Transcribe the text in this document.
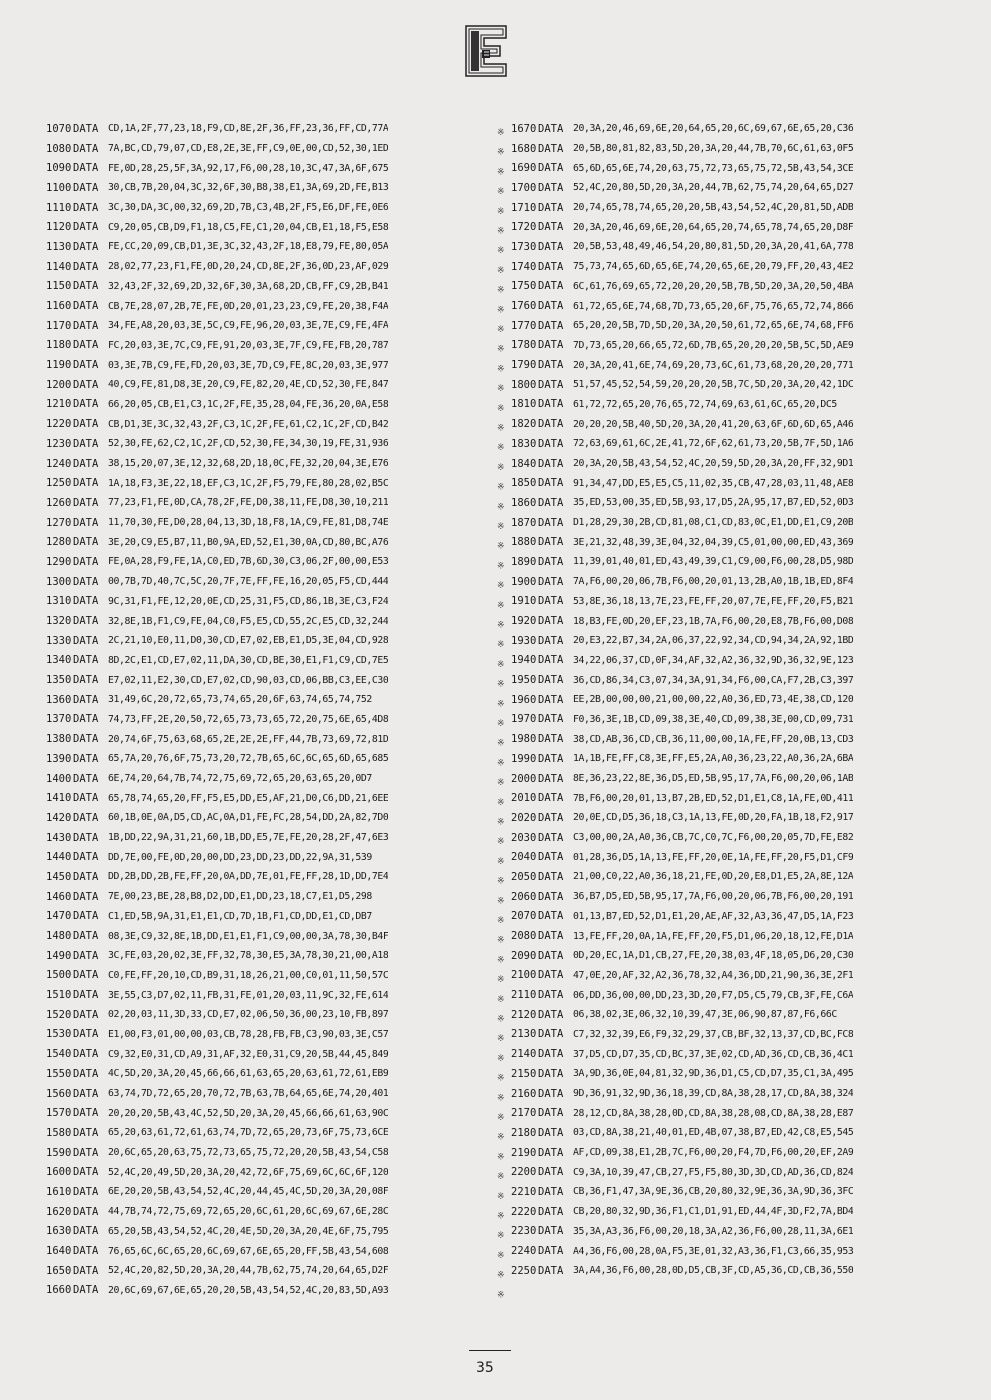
1070 DATA CD,1A,2F,77,23,18,F9,CD,8E,2F,36,FF,23,36,FF,CD,77A
1080 DATA 7A,BC,CD,79,07,CD,E8,2E,3E,FF,C9,0E,00,CD,52,30,1ED
1090 DATA FE,0D,28,25,5F,3A,92,17,F6,00,28,10,3C,47,3A,6F,675
1100 DATA 30,CB,7B,20,04,3C,32,6F,30,B8,38,E1,3A,69,2D,FE,B13
1110 DATA 3C,30,DA,3C,00,32,69,2D,7B,C3,4B,2F,F5,E6,DF,FE,0E6
1120 DATA C9,20,05,CB,D9,F1,18,C5,FE,C1,20,04,CB,E1,18,F5,E58
1130 DATA FE,CC,20,09,CB,D1,3E,3C,32,43,2F,18,E8,79,FE,80,05A
1140 DATA 28,02,77,23,F1,FE,0D,20,24,CD,8E,2F,36,0D,23,AF,029
1150 DATA 32,43,2F,32,69,2D,32,6F,30,3A,68,2D,CB,FF,C9,2B,B41
1160 DATA CB,7E,28,07,2B,7E,FE,0D,20,01,23,23,C9,FE,20,38,F4A
1170 DATA 34,FE,A8,20,03,3E,5C,C9,FE,96,20,03,3E,7E,C9,FE,4FA
1180 DATA FC,20,03,3E,7C,C9,FE,91,20,03,3E,7F,C9,FE,FB,20,787
1190 DATA 03,3E,7B,C9,FE,FD,20,03,3E,7D,C9,FE,8C,20,03,3E,977
1200 DATA 40,C9,FE,81,D8,3E,20,C9,FE,82,20,4E,CD,52,30,FE,847
1210 DATA 66,20,05,CB,E1,C3,1C,2F,FE,35,28,04,FE,36,20,0A,E58
1220 DATA CB,D1,3E,3C,32,43,2F,C3,1C,2F,FE,61,C2,1C,2F,CD,B42
1230 DATA 52,30,FE,62,C2,1C,2F,CD,52,30,FE,34,30,19,FE,31,936
1240 DATA 38,15,20,07,3E,12,32,68,2D,18,0C,FE,32,20,04,3E,E76
1250 DATA 1A,18,F3,3E,22,18,EF,C3,1C,2F,F5,79,FE,80,28,02,B5C
1260 DATA 77,23,F1,FE,0D,CA,78,2F,FE,D0,38,11,FE,D8,30,10,211
1270 DATA 11,70,30,FE,D0,28,04,13,3D,18,F8,1A,C9,FE,81,D8,74E
1280 DATA 3E,20,C9,E5,B7,11,B0,9A,ED,52,E1,30,0A,CD,80,BC,A76
1290 DATA FE,0A,28,F9,FE,1A,C0,ED,7B,6D,30,C3,06,2F,00,00,E53
1300 DATA 00,7B,7D,40,7C,5C,20,7F,7E,FF,FE,16,20,05,F5,CD,444
1310 DATA 9C,31,F1,FE,12,20,0E,CD,25,31,F5,CD,86,1B,3E,C3,F24
1320 DATA 32,8E,1B,F1,C9,FE,04,C0,F5,E5,CD,55,2C,E5,CD,32,244
1330 DATA 2C,21,10,E0,11,D0,30,CD,E7,02,EB,E1,D5,3E,04,CD,928
1340 DATA 8D,2C,E1,CD,E7,02,11,DA,30,CD,BE,30,E1,F1,C9,CD,7E5
1350 DATA E7,02,11,E2,30,CD,E7,02,CD,90,03,CD,06,BB,C3,EE,C30
1360 DATA 31,49,6C,20,72,65,73,74,65,20,6F,63,74,65,74,752
1370 DATA 74,73,FF,2E,20,50,72,65,73,73,65,72,20,75,6E,65,4D8
1380 DATA 20,74,6F,75,63,68,65,2E,2E,2E,FF,44,7B,73,69,72,81D
1390 DATA 65,7A,20,76,6F,75,73,20,72,7B,65,6C,6C,65,6D,65,685
1400 DATA 6E,74,20,64,7B,74,72,75,69,72,65,20,63,65,20,0D7
1410 DATA 65,78,74,65,20,FF,F5,E5,DD,E5,AF,21,D0,C6,DD,21,6EE
1420 DATA 60,1B,0E,0A,D5,CD,AC,0A,D1,FE,FC,28,54,DD,2A,82,7D0
1430 DATA 1B,DD,22,9A,31,21,60,1B,DD,E5,7E,FE,20,28,2F,47,6E3
1440 DATA DD,7E,00,FE,0D,20,00,DD,23,DD,23,DD,22,9A,31,539
1450 DATA DD,2B,DD,2B,FE,FF,20,0A,DD,7E,01,FE,FF,28,1D,DD,7E4
1460 DATA 7E,00,23,BE,28,B8,D2,DD,E1,DD,23,18,C7,E1,D5,298
1470 DATA C1,ED,5B,9A,31,E1,E1,CD,7D,1B,F1,CD,DD,E1,CD,DB7
1480 DATA 08,3E,C9,32,8E,1B,DD,E1,E1,F1,C9,00,00,3A,78,30,B4F
1490 DATA 3C,FE,03,20,02,3E,FF,32,78,30,E5,3A,78,30,21,00,A18
1500 DATA C0,FE,FF,20,10,CD,B9,31,18,26,21,00,C0,01,11,50,57C
1510 DATA 3E,55,C3,D7,02,11,FB,31,FE,01,20,03,11,9C,32,FE,614
1520 DATA 02,20,03,11,3D,33,CD,E7,02,06,50,36,00,23,10,FB,897
1530 DATA E1,00,F3,01,00,00,03,CB,78,28,FB,FB,C3,90,03,3E,C57
1540 DATA C9,32,E0,31,CD,A9,31,AF,32,E0,31,C9,20,5B,44,45,849
1550 DATA 4C,5D,20,3A,20,45,66,66,61,63,65,20,63,61,72,61,EB9
1560 DATA 63,74,7D,72,65,20,70,72,7B,63,7B,64,65,6E,74,20,401
1570 DATA 20,20,20,5B,43,4C,52,5D,20,3A,20,45,66,66,61,63,90C
1580 DATA 65,20,63,61,72,61,63,74,7D,72,65,20,73,6F,75,73,6CE
1590 DATA 20,6C,65,20,63,75,72,73,65,75,72,20,20,5B,43,54,C58
1600 DATA 52,4C,20,49,5D,20,3A,20,42,72,6F,75,69,6C,6C,6F,120
1610 DATA 6E,20,20,5B,43,54,52,4C,20,44,45,4C,5D,20,3A,20,08F
1620 DATA 44,7B,74,72,75,69,72,65,20,6C,61,20,6C,69,67,6E,28C
1630 DATA 65,20,5B,43,54,52,4C,20,4E,5D,20,3A,20,4E,6F,75,795
1640 DATA 76,65,6C,6C,65,20,6C,69,67,6E,65,20,FF,5B,43,54,608
1650 DATA 52,4C,20,82,5D,20,3A,20,44,7B,62,75,74,20,64,65,D2F
1660 DATA 20,6C,69,67,6E,65,20,20,5B,43,54,52,4C,20,83,5D,A93
1670 DATA 20,3A,20,46,69,6E,20,64,65,20,6C,69,67,6E,65,20,C36
1680 DATA 20,5B,80,81,82,83,5D,20,3A,20,44,7B,70,6C,61,63,0F5
1690 DATA 65,6D,65,6E,74,20,63,75,72,73,65,75,72,5B,43,54,3CE
1700 DATA 52,4C,20,80,5D,20,3A,20,44,7B,62,75,74,20,64,65,D27
1710 DATA 20,74,65,78,74,65,20,20,5B,43,54,52,4C,20,81,5D,ADB
1720 DATA 20,3A,20,46,69,6E,20,64,65,20,74,65,78,74,65,20,D8F
1730 DATA 20,5B,53,48,49,46,54,20,80,81,5D,20,3A,20,41,6A,778
1740 DATA 75,73,74,65,6D,65,6E,74,20,65,6E,20,79,FF,20,43,4E2
1750 DATA 6C,61,76,69,65,72,20,20,20,5B,7B,5D,20,3A,20,50,4BA
1760 DATA 61,72,65,6E,74,68,7D,73,65,20,6F,75,76,65,72,74,866
1770 DATA 65,20,20,5B,7D,5D,20,3A,20,50,61,72,65,6E,74,68,FF6
1780 DATA 7D,73,65,20,66,65,72,6D,7B,65,20,20,20,5B,5C,5D,AE9
1790 DATA 20,3A,20,41,6E,74,69,20,73,6C,61,73,68,20,20,20,771
1800 DATA 51,57,45,52,54,59,20,20,20,5B,7C,5D,20,3A,20,42,1DC
1810 DATA 61,72,72,65,20,76,65,72,74,69,63,61,6C,65,20,DC5
1820 DATA 20,20,20,5B,40,5D,20,3A,20,41,20,63,6F,6D,6D,65,A46
1830 DATA 72,63,69,61,6C,2E,41,72,6F,62,61,73,20,5B,7F,5D,1A6
1840 DATA 20,3A,20,5B,43,54,52,4C,20,59,5D,20,3A,20,FF,32,9D1
1850 DATA 91,34,47,DD,E5,E5,C5,11,02,35,CB,47,28,03,11,48,AE8
1860 DATA 35,ED,53,00,35,ED,5B,93,17,D5,2A,95,17,B7,ED,52,0D3
1870 DATA D1,28,29,30,2B,CD,81,08,C1,CD,83,0C,E1,DD,E1,C9,20B
1880 DATA 3E,21,32,48,39,3E,04,32,04,39,C5,01,00,00,ED,43,369
1890 DATA 11,39,01,40,01,ED,43,49,39,C1,C9,00,F6,00,28,D5,98D
1900 DATA 7A,F6,00,20,06,7B,F6,00,20,01,13,2B,A0,1B,1B,ED,8F4
1910 DATA 53,8E,36,18,13,7E,23,FE,FF,20,07,7E,FE,FF,20,F5,B21
1920 DATA 18,B3,FE,0D,20,EF,23,1B,7A,F6,00,20,E8,7B,F6,00,D08
1930 DATA 20,E3,22,B7,34,2A,06,37,22,92,34,CD,94,34,2A,92,1BD
1940 DATA 34,22,06,37,CD,0F,34,AF,32,A2,36,32,9D,36,32,9E,123
1950 DATA 36,CD,86,34,C3,07,34,3A,91,34,F6,00,CA,F7,2B,C3,397
1960 DATA EE,2B,00,00,00,21,00,00,22,A0,36,ED,73,4E,38,CD,120
1970 DATA F0,36,3E,1B,CD,09,38,3E,40,CD,09,38,3E,00,CD,09,731
1980 DATA 38,CD,AB,36,CD,CB,36,11,00,00,1A,FE,FF,20,0B,13,CD3
1990 DATA 1A,1B,FE,FF,C8,3E,FF,E5,2A,A0,36,23,22,A0,36,2A,6BA
2000 DATA 8E,36,23,22,8E,36,D5,ED,5B,95,17,7A,F6,00,20,06,1AB
2010 DATA 7B,F6,00,20,01,13,B7,2B,ED,52,D1,E1,C8,1A,FE,0D,411
2020 DATA 20,0E,CD,D5,36,18,C3,1A,13,FE,0D,20,FA,1B,18,F2,917
2030 DATA C3,00,00,2A,A0,36,CB,7C,C0,7C,F6,00,20,05,7D,FE,E82
2040 DATA 01,28,36,D5,1A,13,FE,FF,20,0E,1A,FE,FF,20,F5,D1,CF9
2050 DATA 21,00,C0,22,A0,36,18,21,FE,0D,20,E8,D1,E5,2A,8E,12A
2060 DATA 36,B7,D5,ED,5B,95,17,7A,F6,00,20,06,7B,F6,00,20,191
2070 DATA 01,13,B7,ED,52,D1,E1,20,AE,AF,32,A3,36,47,D5,1A,F23
2080 DATA 13,FE,FF,20,0A,1A,FE,FF,20,F5,D1,06,20,18,12,FE,D1A
2090 DATA 0D,20,EC,1A,D1,CB,27,FE,20,38,03,4F,18,05,D6,20,C30
2100 DATA 47,0E,20,AF,32,A2,36,78,32,A4,36,DD,21,90,36,3E,2F1
2110 DATA 06,DD,36,00,00,DD,23,3D,20,F7,D5,C5,79,CB,3F,FE,C6A
2120 DATA 06,38,02,3E,06,32,10,39,47,3E,06,90,87,87,F6,66C
2130 DATA C7,32,32,39,E6,F9,32,29,37,CB,BF,32,13,37,CD,BC,FC8
2140 DATA 37,D5,CD,D7,35,CD,BC,37,3E,02,CD,AD,36,CD,CB,36,4C1
2150 DATA 3A,9D,36,0E,04,81,32,9D,36,D1,C5,CD,D7,35,C1,3A,495
2160 DATA 9D,36,91,32,9D,36,18,39,CD,8A,38,28,17,CD,8A,38,324
2170 DATA 28,12,CD,8A,38,28,0D,CD,8A,38,28,08,CD,8A,38,28,E87
2180 DATA 03,CD,8A,38,21,40,01,ED,4B,07,38,B7,ED,42,C8,E5,545
2190 DATA AF,CD,09,38,E1,2B,7C,F6,00,20,F4,7D,F6,00,20,EF,2A9
2200 DATA C9,3A,10,39,47,CB,27,F5,F5,80,3D,3D,CD,AD,36,CD,824
2210 DATA CB,36,F1,47,3A,9E,36,CB,20,80,32,9E,36,3A,9D,36,3FC
2220 DATA CB,20,80,32,9D,36,F1,C1,D1,91,ED,44,4F,3D,F2,7A,BD4
2230 DATA 35,3A,A3,36,F6,00,20,18,3A,A2,36,F6,00,28,11,3A,6E1
2240 DATA A4,36,F6,00,28,0A,F5,3E,01,32,A3,36,F1,C3,66,35,953
2250 DATA 3A,A4,36,F6,00,28,0D,D5,CB,3F,CD,A5,36,CD,CB,36,550
※
※
※
※
※
※
※
※
※
※
※
※
※
※
※
※
※
※
※
※
※
※
※
※
※
※
※
※
※
※
※
※
※
※
※
※
※
※
※
※
※
※
※
※
※
※
※
※
※
※
※
※
※
※
※
※
※
※
※
※
35
